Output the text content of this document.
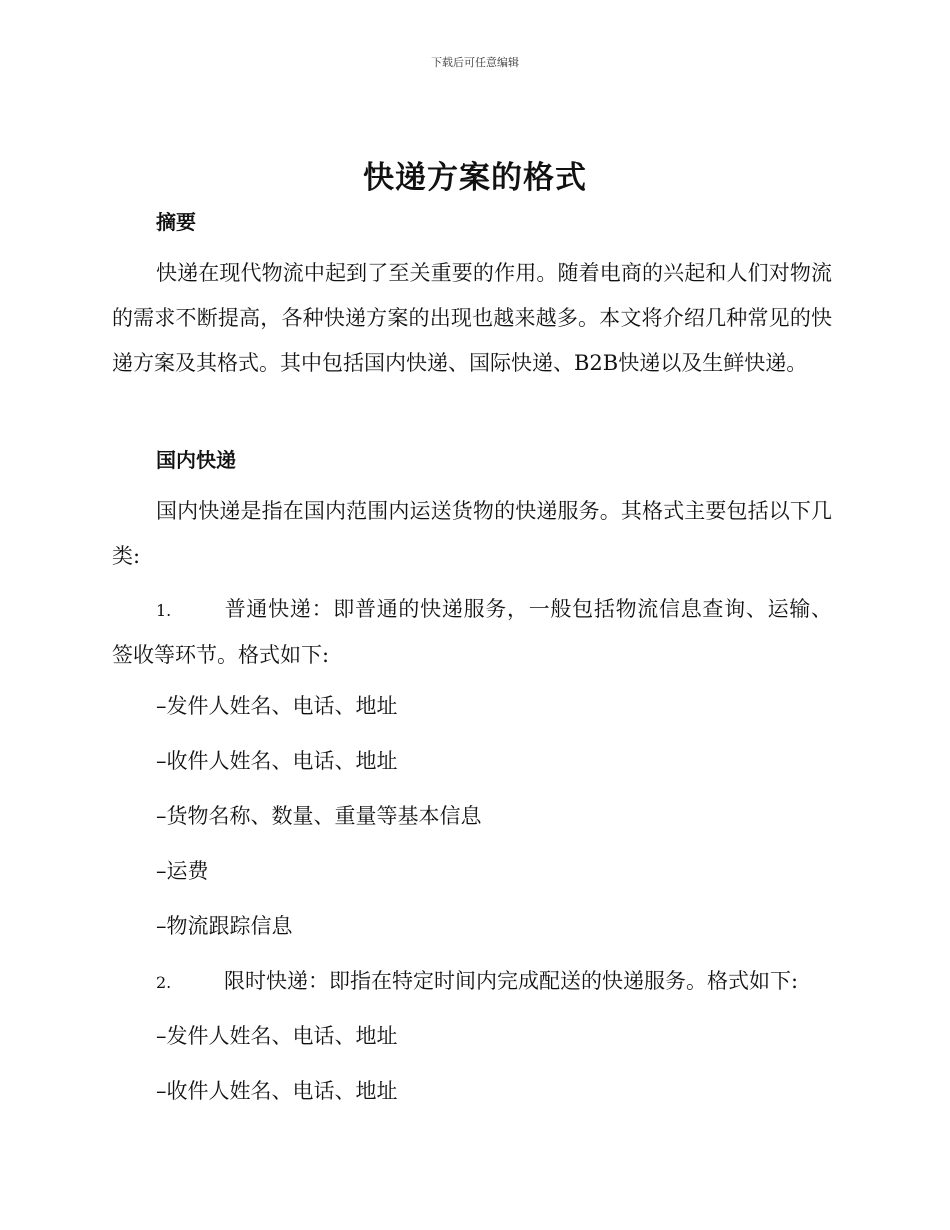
下载后可任意编辑
快递方案的格式
摘要
快递在现代物流中起到了至关重要的作用。随着电商的兴起和人们对物流的需求不断提高，各种快递方案的出现也越来越多。本文将介绍几种常见的快递方案及其格式。其中包括国内快递、国际快递、B2B快递以及生鲜快递。
国内快递
国内快递是指在国内范围内运送货物的快递服务。其格式主要包括以下几类:
1.	普通快递：即普通的快递服务，一般包括物流信息查询、运输、签收等环节。格式如下:
–发件人姓名、电话、地址
–收件人姓名、电话、地址
–货物名称、数量、重量等基本信息
–运费
–物流跟踪信息
2.	限时快递：即指在特定时间内完成配送的快递服务。格式如下:
–发件人姓名、电话、地址
–收件人姓名、电话、地址
